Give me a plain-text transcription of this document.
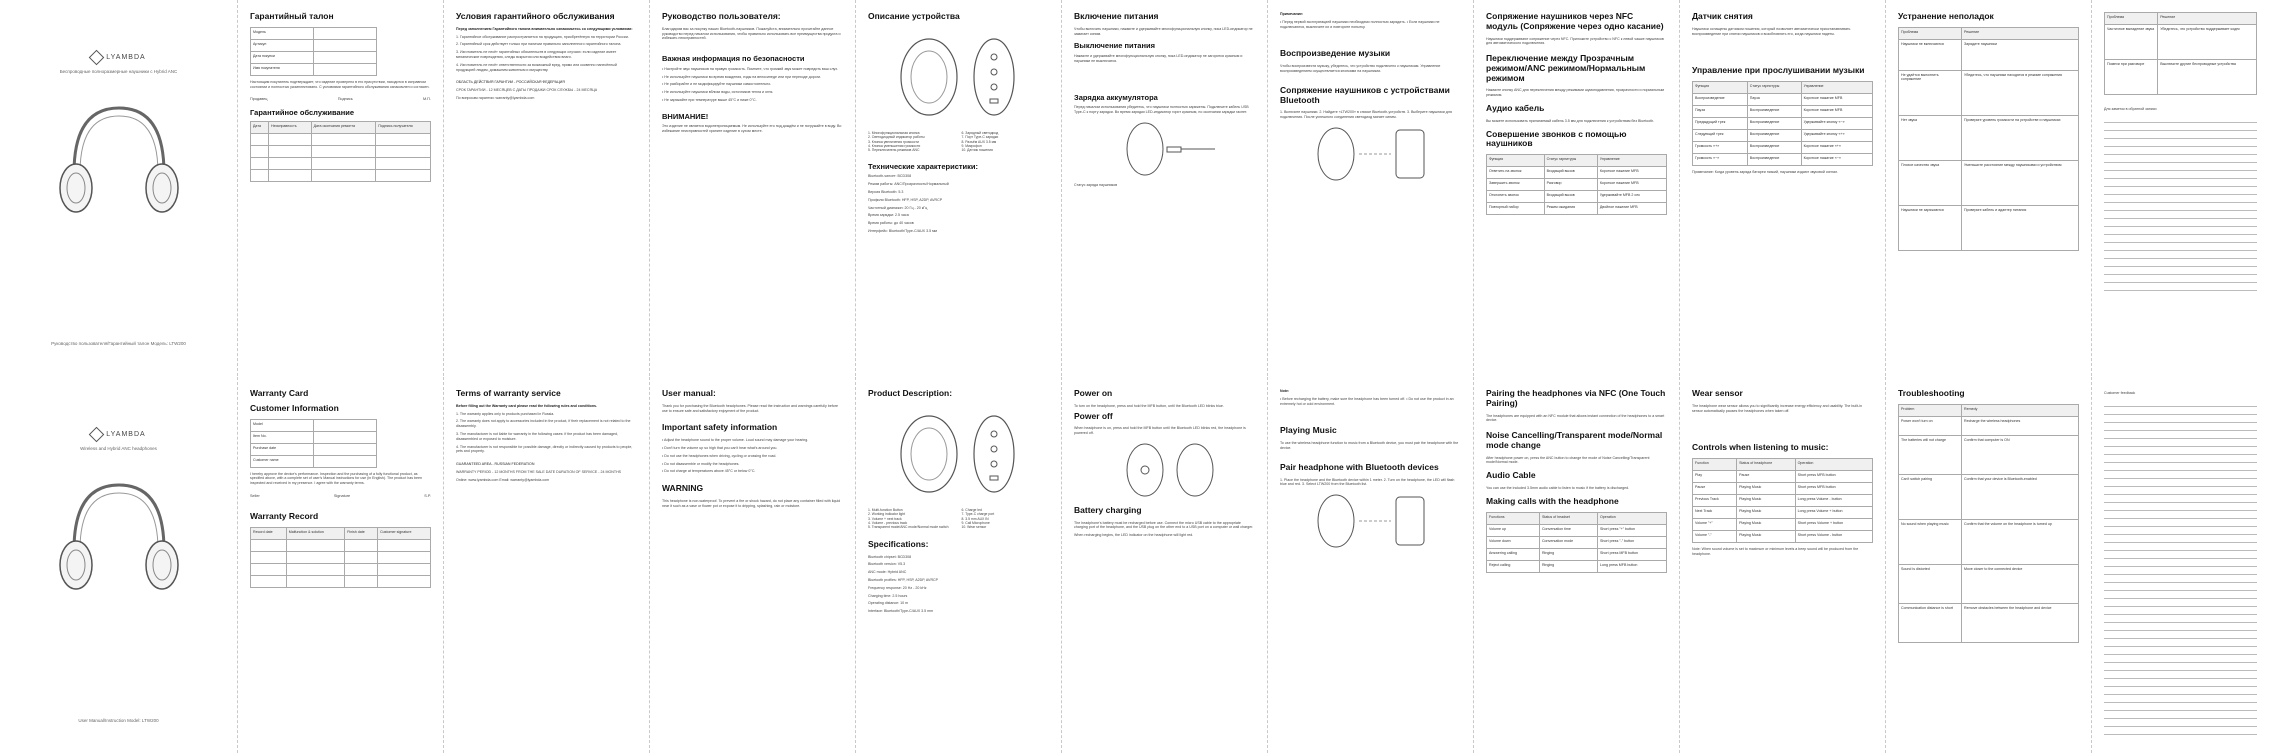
LYAMBDA
Беспроводные полноразмерные наушники с Hybrid ANC
Руководство пользователя/Гарантийный талон Модель: LTW200
Гарантийный талон
Модель	
Артикул	
Дата покупки	
Имя покупателя	

Настоящим покупатель подтверждает, что изделие проверено в его присутствии, находится в исправном состоянии и полностью укомплектовано. С условиями гарантийного обслуживания ознакомлен и согласен.

Продавец	Подпись	М.П.
Гарантийное обслуживание
Дата	Неисправность	Дата окончания ремонта	Подпись получателя

Условия гарантийного обслуживания

Перед заполнением Гарантийного талона внимательно ознакомьтесь со следующими условиями:

1. Гарантийное обслуживание распространяется на продукцию, приобретённую на территории России.

2. Гарантийный срок действует только при наличии правильно заполненного гарантийного талона.

3. Изготовитель не несёт гарантийных обязательств в следующих случаях: если изделие имеет механические повреждения, следы вскрытия или воздействия влаги.

4. Изготовитель не несёт ответственности за возможный вред, прямо или косвенно нанесённый продукцией людям, домашним животным и имуществу.

ОБЛАСТЬ ДЕЙСТВИЯ ГАРАНТИИ - РОССИЙСКАЯ ФЕДЕРАЦИЯ

СРОК ГАРАНТИИ - 12 МЕСЯЦЕВ С ДАТЫ ПРОДАЖИ СРОК СЛУЖБЫ - 24 МЕСЯЦА

По вопросам гарантии: warranty@lyambda.com

Руководство пользователя:

Благодарим вас за покупку наших Bluetooth-наушников. Пожалуйста, внимательно прочитайте данное руководство перед началом использования, чтобы правильно использовать все преимущества продукта и избежать неисправностей.

Важная информация по безопасности

• Настройте звук наушников на правую громкость. Помните, что громкий звук может повредить ваш слух.

• Не используйте наушники во время вождения, езды на велосипеде или при переходе дороги.

• Не разбирайте и не модифицируйте наушники самостоятельно.

• Не используйте наушники вблизи воды, источников тепла и огня.

• Не заряжайте при температуре выше 45°C и ниже 0°C.

ВНИМАНИЕ!

Это изделие не является водонепроницаемым. Не используйте его под дождём и не погружайте в воду. Во избежание неисправностей храните изделие в сухом месте.

Описание устройства
1. Многофункциональная кнопка
2. Светодиодный индикатор работы
3. Кнопка увеличения громкости
4. Кнопка уменьшения громкости
5. Переключатель режимов ANC
6. Зарядный светодиод
7. Порт Type-C зарядки
8. Разъём AUX 3.5 мм
9. Микрофон
10. Датчик ношения
Технические характеристики:

Bluetooth-чипсет: BCD308

Режим работы: ANC/Прозрачность/Нормальный

Версия Bluetooth: 5.3

Профили Bluetooth: HFP, HSP, A2DP, AVRCP

Частотный диапазон: 20 Гц - 20 кГц

Время зарядки: 2.5 часа

Время работы: до 40 часов

Интерфейс: Bluetooth/Type-C/AUX 3.5 мм

Включение питания

Чтобы включить наушники, нажмите и удерживайте многофункциональную кнопку, пока LED-индикатор не замигает синим.

Выключение питания

Нажмите и удерживайте многофункциональную кнопку, пока LED-индикатор не загорится красным и наушники не выключатся.

Зарядка аккумулятора

Перед началом использования убедитесь, что наушники полностью заряжены. Подключите кабель USB Type-C к порту зарядки. Во время зарядки LED-индикатор горит красным, по окончании зарядки гаснет.

Статус заряда наушников

Примечание:

• Перед первой эксплуатацией наушники необходимо полностью зарядить. • Если наушники не подключаются, выключите их и повторите попытку.

Воспроизведение музыки

Чтобы воспроизвести музыку, убедитесь, что устройство подключено к наушникам. Управление воспроизведением осуществляется кнопками на наушниках.

Сопряжение наушников с устройствами Bluetooth

1. Включите наушники. 2. Найдите «LTW200» в списке Bluetooth-устройств. 3. Выберите наушники для подключения. После успешного соединения светодиод мигает синим.

Сопряжение наушников через NFC модуль (Сопряжение через одно касание)

Наушники поддерживают сопряжение через NFC. Приложите устройство с NFC к левой чашке наушников для автоматического подключения.

Переключение между Прозрачным режимом/ANC режимом/Нормальным режимом

Нажмите кнопку ANC для переключения между режимами шумоподавления, прозрачности и нормальным режимом.

Аудио кабель

Вы можете использовать прилагаемый кабель 3.5 мм для подключения к устройствам без Bluetooth.

Совершение звонков с помощью наушников
Функция	Статус гарнитуры	Управление
Ответить на звонок	Входящий вызов	Короткое нажатие MFB
Завершить звонок	Разговор	Короткое нажатие MFB
Отклонить звонок	Входящий вызов	Удерживайте MFB 2 сек
Повторный набор	Режим ожидания	Двойное нажатие MFB
Датчик снятия

Наушники оснащены датчиком ношения, который позволяет автоматически приостанавливать воспроизведение при снятии наушников и возобновлять его, когда наушники надеты.

Управление при прослушивании музыки
Функция	Статус гарнитуры	Управление
Воспроизведение	Пауза	Короткое нажатие MFB
Пауза	Воспроизведение	Короткое нажатие MFB
Предыдущий трек	Воспроизведение	Удерживайте кнопку «−»
Следующий трек	Воспроизведение	Удерживайте кнопку «+»
Громкость «+»	Воспроизведение	Короткое нажатие «+»
Громкость «−»	Воспроизведение	Короткое нажатие «−»

Примечание: Когда уровень заряда батареи низкий, наушники издают звуковой сигнал.

Устранение неполадок
Проблема	Решение
Наушники не включаются	Зарядите наушники
Не удаётся выполнить сопряжение	Убедитесь, что наушники находятся в режиме сопряжения
Нет звука	Проверьте уровень громкости на устройстве и наушниках
Плохое качество звука	Уменьшите расстояние между наушниками и устройством
Наушники не заряжаются	Проверьте кабель и адаптер питания
Проблема	Решение
Частичное выпадение звука	Убедитесь, что устройство поддерживает кодек
Помехи при разговоре	Выключите другие беспроводные устройства

Для заметок в обратной записи

LYAMBDA
Wireless and Hybrid ANC headphones
User Manual/Instruction Model: LTW200
Warranty Card
Customer Information
Model	
Item No.	
Purchase date	
Customer name	

I hereby approve the device's performance. Inspection and the purchasing of a fully functional product, as specified above, with a complete set of user's Manual instructions for use (in English). The product has been inspected and received in my presence. I agree with the warranty terms.

Seller	Signature	S.P.
Warranty Record
Record date	Malfunction & solution	Finish date	Customer signature

Terms of warranty service

Before filling out the Warranty card please read the following rules and conditions.

1. The warranty applies only to products purchased in Russia.

2. The warranty does not apply to accessories included in the product, if their replacement is not related to the disassembly.

3. The manufacturer is not liable for warranty in the following cases: if the product has been damaged, disassembled or exposed to moisture.

4. The manufacturer is not responsible for possible damage, directly or indirectly caused by products to people, pets and property.

GUARANTEED AREA - RUSSIAN FEDERATION

WARRANTY PERIOD - 12 MONTHS FROM THE SALE DATE DURATION OF SERVICE - 24 MONTHS

Online: www.lyambda.com Email: warranty@lyambda.com

User manual:

Thank you for purchasing the Bluetooth headphones. Please read the instruction and warnings carefully before use to ensure safe and satisfactory enjoyment of the product.

Important safety information

• Adjust the headphone sound to the proper volume. Loud sound may damage your hearing.

• Don't turn the volume up so high that you can't hear what's around you.

• Do not use the headphones when driving, cycling or crossing the road.

• Do not disassemble or modify the headphones.

• Do not charge at temperatures above 45°C or below 0°C.

WARNING

This headphone is non-waterproof. To prevent a fire or shock hazard, do not place any container filled with liquid near it such as a vase or flower pot or expose it to dripping, splashing, rain or moisture.

Product Description:
1. Multi-function Button
2. Working indicator light
3. Volume + next track
4. Volume - previous track
5. Transparent mode/ANC mode/Normal mode switch
6. Charge led
7. Type-C charge port
8. 3.5 mm AUX IN
9. Call Microphone
10. Wear sensor
Specifications:

Bluetooth chipset: BCD308

Bluetooth version: V5.3

ANC mode: Hybrid ANC

Bluetooth profiles: HFP, HSP, A2DP, AVRCP

Frequency response: 20 Hz - 20 kHz

Charging time: 2.5 hours

Operating distance: 10 m

Interface: Bluetooth/Type-C/AUX 3.5 mm

Power on

To turn on the headphone, press and hold the MFB button, until the Bluetooth LED blinks blue.

Power off

When headphone is on, press and hold the MFB button until the Bluetooth LED blinks red, the headphone is powered off.

Battery charging

The headphone's battery must be recharged before use. Connect the micro USB cable to the appropriate charging port of the headphone, and the USB plug on the other end to a USB port on a computer or wall charger.

When recharging begins, the LED indicator on the headphone will light red.

Note:

• Before recharging the battery, make sure the headphone has been turned off. • Do not use the product in an extremely hot or cold environment.

Playing Music

To use the wireless headphone function to music from a Bluetooth device, you must pair the headphone with the device.

Pair headphone with Bluetooth devices

1. Place the headphone and the Bluetooth device within 1 meter. 2. Turn on the headphone, the LED will flash blue and red. 3. Select LTW200 from the Bluetooth list.

Pairing the headphones via NFC (One Touch Pairing)

The headphones are equipped with an NFC module that allows instant connection of the headphones to a smart device.

Noise Cancelling/Transparent mode/Normal mode change

After headphone power on, press the ANC button to change the mode of Noise Cancelling/Transparent mode/Normal mode.

Audio Cable

You can use the included 3.5mm audio cable to listen to music if the battery is discharged.

Making calls with the headphone
Functions	Status of headset	Operation
Volume up	Conversation time	Short press "+" button
Volume down	Conversation mode	Short press "-" button
Answering calling	Ringing	Short press MFB button
Reject calling	Ringing	Long press MFB button
Wear sensor

The headphone wear sensor allows you to significantly increase energy efficiency and usability. The built-in sensor automatically pauses the headphones when taken off.

Controls when listening to music:
Function	Status of headphone	Operation
Play	Pause	Short press MFB button
Pause	Playing Music	Short press MFB button
Previous Track	Playing Music	Long press Volume - button
Next Track	Playing Music	Long press Volume + button
Volume "+"	Playing Music	Short press Volume + button
Volume "-"	Playing Music	Short press Volume - button

Note: When sound volume is set to maximum or minimum levels a beep sound will be produced from the headphone.

Troubleshooting
Problem	Remedy
Power won't turn on	Recharge the wireless headphones
The batteries will not charge	Confirm that computer is ON
Can't switch pairing	Confirm that your device is Bluetooth-enabled
No sound when playing music	Confirm that the volume on the headphone is turned up
Sound is distorted	Move closer to the connected device
Communication distance is short	Remove obstacles between the headphone and device

Customer feedback
